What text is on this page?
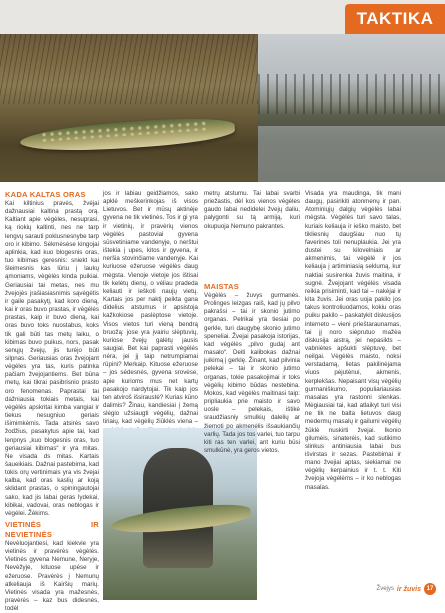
TAKTIKA
KADA KALTAS ORAS

Kai kiltinius pravės, žvėjai dažnausiai kaltina prastą orą. Kaltiant apie vėgėles, nesuprasi, ką riokių kaltinti, nes ne tarp lengvų sarauti poklusnesnybe tarp oro ir kibimo. Sėkmėsėse kingojai aplinkia, kad kuo blogesnis oras, tuo kibimas geresnis: sniekt kai šleimesnis kas lūriu į laukų ąmoniams, vėgėlės kinda puikiai. Geriausiai tai metas, nes mu žvejojės jrašiasiasnimis sąvėgėtis ir gaile pasakytį, kad koro dieną, kai ir oras buvo prastas, ir vėgėlės prastas, kaip ir buvo dieną, kai oras buvo toks nuostabus, koks tik gali būti tas metų laiku, o kibimas buvo puikus, nors, pasak senųjų žvejų, jis turėjo būti silpnas. Geriausias oras žvejojant vėgėles yra tas, kuris patinka pačiam žvejojantiems. Bet būna metų, kai tikrai pasibrisnio prasto oro fenomenas. Paprastai tai dažniausia tokiais metais, kai vėgėlės apskritai kimba vangiai ir tiekus nesugniuo geriais išimimkėmis. Tada atsirės savo žodžius, pasakytus apie tai, kad lenpnys „kuo blogesnis oras, tuo geriausiai kibimas“ ir yra mitas. Ne visada ds mitas. Kartais šaueikiais. Dažnai pastebima, kad tokis orų vertinimais yra vis žvejai kalba, kad oras kaslių ar koją sklidant prastas, o spiningautojai sako, kad jis labai geras lydekai, kibikai, vadovai, oras neblogas ir vėgėlei. Žėkims.

VIETINĖS IR NEVIETINĖS

Nevėluojantiesi, kad kiekvie yra vietinės ir pravėrės vėgėlės. Vietinės gyvena Nemune, Neryje, Nevėžyje, kituose upėse ir ežeruose. Pravėrės į Nemunų atkeliauja iš Kairšių marių. Vietinės visada yra mažesnės, pravėrės – kaz bus didesnės, todėl

jos ir labiau geidžiamos, sako apklė meškerinkojas iš visos Lietuvos. Bet ir mūsų aktinėje gyvena ne tik vietinės. Tos ir gi yra ir vietinių, ir pravėrių vienos vėgėlės pastoviai gyvena sūsvetiniame vandenyje, o nerštui ištekia į upes, kitos ir gyvena, ir neršia stovinčiame vandenyje. Kai kuriuose ežeruose vėgėlės daug mėgsta. Vienoje vietoje jos ištisai tik kelėtų dienų, o vėliau pradeda keliauti ir ieškoti naujų vietų. Kartais jos per naktį peikta gana didelius atstumus ir apsistoja kažkokiose paslėptose vietoje. Visos vietos turi vieną bendrą bruožą: jose yra įvairiu slėptuvių, kuriose žvejų galėtų jausis saugiai. Bet kai paprasti vėgėlės nėra, jei jį taip netrumpiamai rūpini? Merkaip. Kituose ežeruose – jos sėdesnės, gyvena srovėse, apie kurioms mus net kartų pasakojo nardytojai. Tik kaip jos ten atviroš išsiraustė? Kurias kūno dalimis? Žinau, kandiesiai į žemą slėgio užsiaugti vėgėlių, dažnai tiriaių, kad vėgėlių žiūklės viena –

metrų atstumu. Tai labai svarbi priežastis, dėl kos vienos vėgėles gaudo labai nedidelei žvejų daliu, palygonti su tą armiją, kuri okupuoja Nemuno pakrantes.

MAISTAS

Vėgėlės – žuvys gurmanės. Prolinges leizgas raiš, kad jų pilvo pakrašsi – tai ir skonio jutimo organas. Pelrikai yra tiesiai po gerkle, turi daugybę skonio jutimo speneliai. Žvejai pasakoja istorijas, kad vėgėlės „pilvo gudaj ant masalo“. Deiti kalibokas dažnai juikimą į gerklę. Žinant, kad pilvinia pelekai – tai ir skonio jutimo organas, tokie pasakojimai ir toks vėgėlių kibimo būdas nestebina. Mokos, kad vėgėlės maitinasi taip: pripliaukia prie maisto ir savo uosle – pelekais, ištikė sraudžiasniy smulkių dalelių ar žiemoti po akmenėlis išsaukiančių varlių. Tada jos tos varlei, tuo tarpu kiti ras ten varlei, ant kuriu būsi smulkūnė, yra geros vietos.

Visada yra maudinga, tik mani daugų, pasirikiti atonmenų ir pan. Atominiųjų dalgių vėgėlės labai mėgsta. Vėgėlės turi savo talas, kuriais keliauja ir ieško maisto, bet tikliesnių daugšiau nuo tų faverines toli nenuplaukia. Jei yra dustei su kilovelniais ar akmenimis, tai vėgėlė ir jos keliauja į artiminiasią seklumą, kur naktiai susirenka žuvis maitina, ir sugnė. Žvejojant vėgėlės visada reikia prisiminti, kad tai – nakėjai ir kita žuvis. Jei oras uoja pakilo jos takus kontroliuodamos, kokiu oras puiku pakilo – paskatykit diskusijos interneto – vieni prieštaraunamas, tai jį noro siėprutuo mažėa diskusija aistrą, jei nepasikts – vabniėtes apšukti slėptuvę, bet neilgai. Vėgėlės maisto, noksi verstadamą, lietas pakilinėjama viuos pėjutėnui, akmenis, kerplekšas. Nepaisant visų vėgėlių gurmaniškumo, populiariausias masalas yra rastonni slenkas. Mėgiausiai tai, kad atlaikyt turi visi ne tik ne balta lietuvos daug medermų masalų ir gailumi vėgėlių žūklė nuskirti žvejai. Ikonio gilumėis, sinaterėis, kad sutikimo slinkus antiniausia labai bus išvirstas ir sezas. Pastebimai ir mano žvejiai aptas, siekiamai ne vėgėlių kerpainius ir t. t. Kiti žvejoja vėgėlėms – ir ko neblogas masalas.

Žvejys ir žuvis 17
